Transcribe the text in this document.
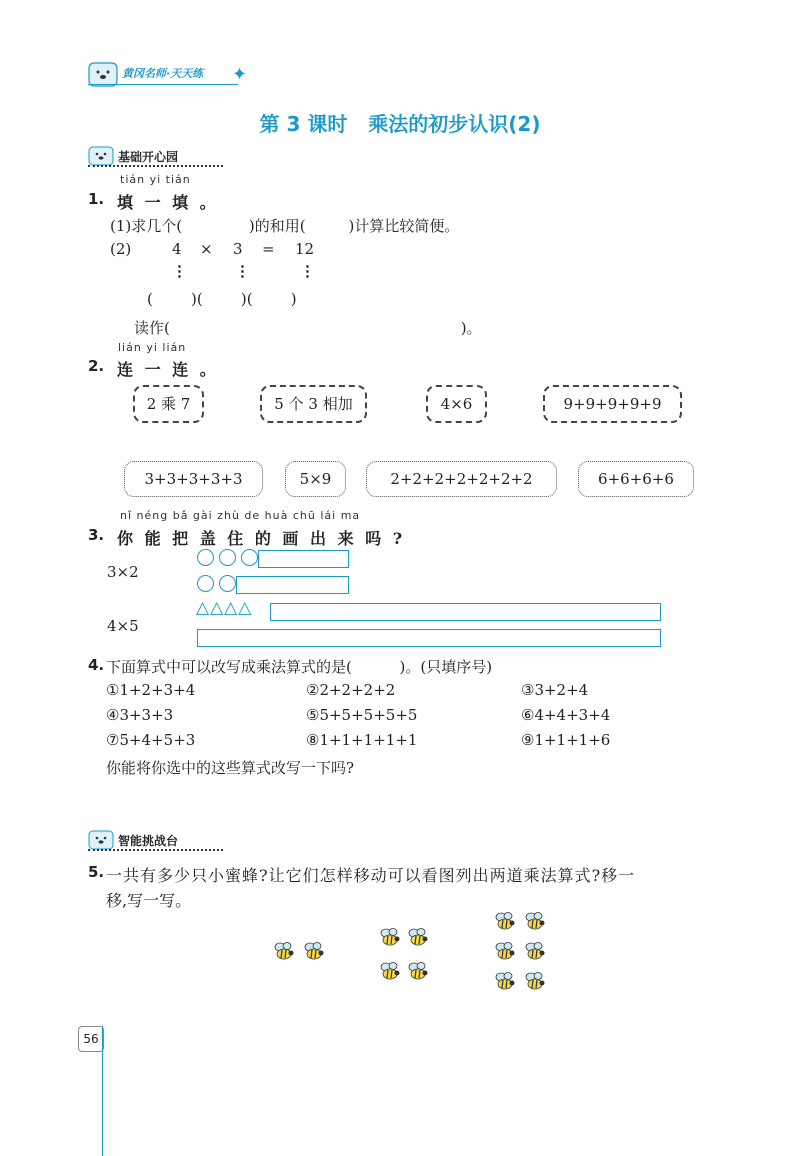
黄冈名师·天天练 ✦
第 3 课时   乘法的初步认识(2)
基础开心园
tián yi tián
1. 填 一 填 。
(1)求几个(              )的和用(         )计算比较简便。
(2)	4 × 3 = 12
⋮	⋮	⋮
(        )(        )(        )
读作(                                                             )。
lián yi lián
2. 连 一 连 。
2 乘 7	5 个 3 相加	4×6	9+9+9+9+9
3+3+3+3+3	5×9	2+2+2+2+2+2+2	6+6+6+6
nǐ néng bǎ gài zhù de huà chū lái ma
3. 你 能 把 盖 住 的 画 出 来 吗 ?
3×2

4×5
△△△△
4. 下面算式中可以改写成乘法算式的是(          )。(只填序号)
①1+2+3+4	②2+2+2+2	③3+2+4
④3+3+3	⑤5+5+5+5+5	⑥4+4+3+4
⑦5+4+5+3	⑧1+1+1+1+1	⑨1+1+1+6
你能将你选中的这些算式改写一下吗?
智能挑战台
5. 一共有多少只小蜜蜂?让它们怎样移动可以看图列出两道乘法算式?移一
移,写一写。
56
